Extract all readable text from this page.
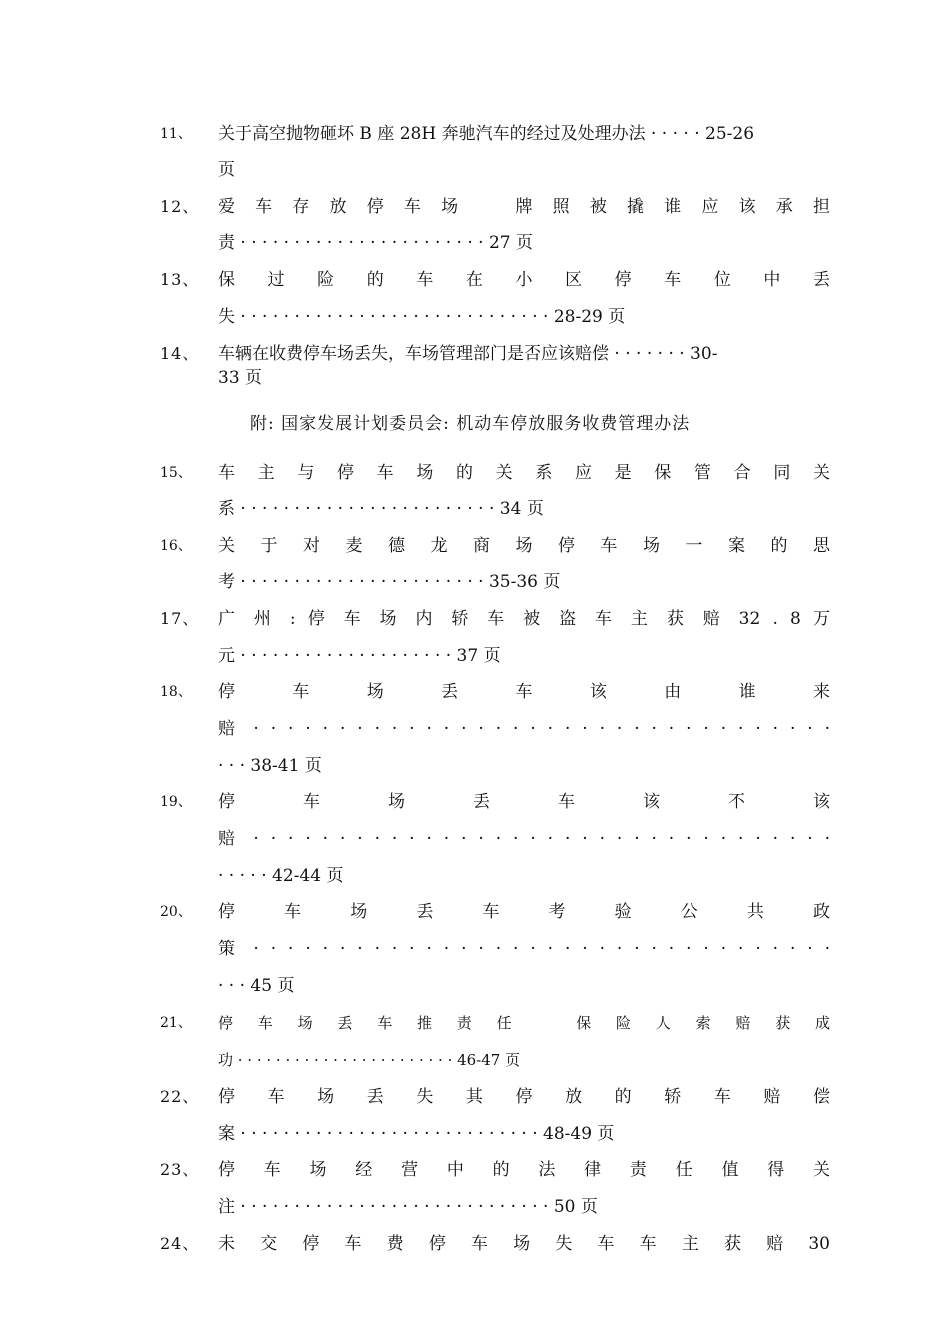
11、	关于高空抛物砸坏 B 座 28H 奔驰汽车的经过及处理办法 · · · · · 25-26
页
12、	爱 车 存 放 停 车 场 　 牌 照 被 撬 谁 应 该 承 担
责 · · · · · · · · · · · · · · · · · · · · · · · 27 页
13、	保 过 险 的 车 在 小 区 停 车 位 中 丢
失 · · · · · · · · · · · · · · · · · · · · · · · · · · · · · 28-29 页
14、	车辆在收费停车场丢失，车场管理部门是否应该赔偿 · · · · · · · 30-
33 页
附: 国家发展计划委员会: 机动车停放服务收费管理办法
15、	车 主 与 停 车 场 的 关 系 应 是 保 管 合 同 关
系 · · · · · · · · · · · · · · · · · · · · · · · · 34 页
16、	关 于 对 麦 德 龙 商 场 停 车 场 一 案 的 思
考 · · · · · · · · · · · · · · · · · · · · · · · 35-36 页
17、	广 州 : 停 车 场 内 轿 车 被 盗 车 主 获 赔 32 . 8 万
元 · · · · · · · · · · · · · · · · · · · · 37 页
18、	停 车 场 丢 车 该 由 谁 来
赔 · · · · · · · · · · · · · · · · · · · · · · · · · · · · · · · · · ·
· · · 38-41 页
19、	停 车 场 丢 车 该 不 该
赔 · · · · · · · · · · · · · · · · · · · · · · · · · · · · · · · · · ·
· · · · · 42-44 页
20、	停 车 场 丢 车 考 验 公 共 政
策 · · · · · · · · · · · · · · · · · · · · · · · · · · · · · · · · · ·
· · · 45 页
21、	停 车 场 丢 车 推 责 任 　 保 险 人 索 赔 获 成
功 · · · · · · · · · · · · · · · · · · · · · · · 46-47 页
22、	停 车 场 丢 失 其 停 放 的 轿 车 赔 偿
案 · · · · · · · · · · · · · · · · · · · · · · · · · · · · 48-49 页
23、	停 车 场 经 营 中 的 法 律 责 任 值 得 关
注 · · · · · · · · · · · · · · · · · · · · · · · · · · · · · 50 页
24、	未 交 停 车 费 停 车 场 失 车 车 主 获 赔 30
